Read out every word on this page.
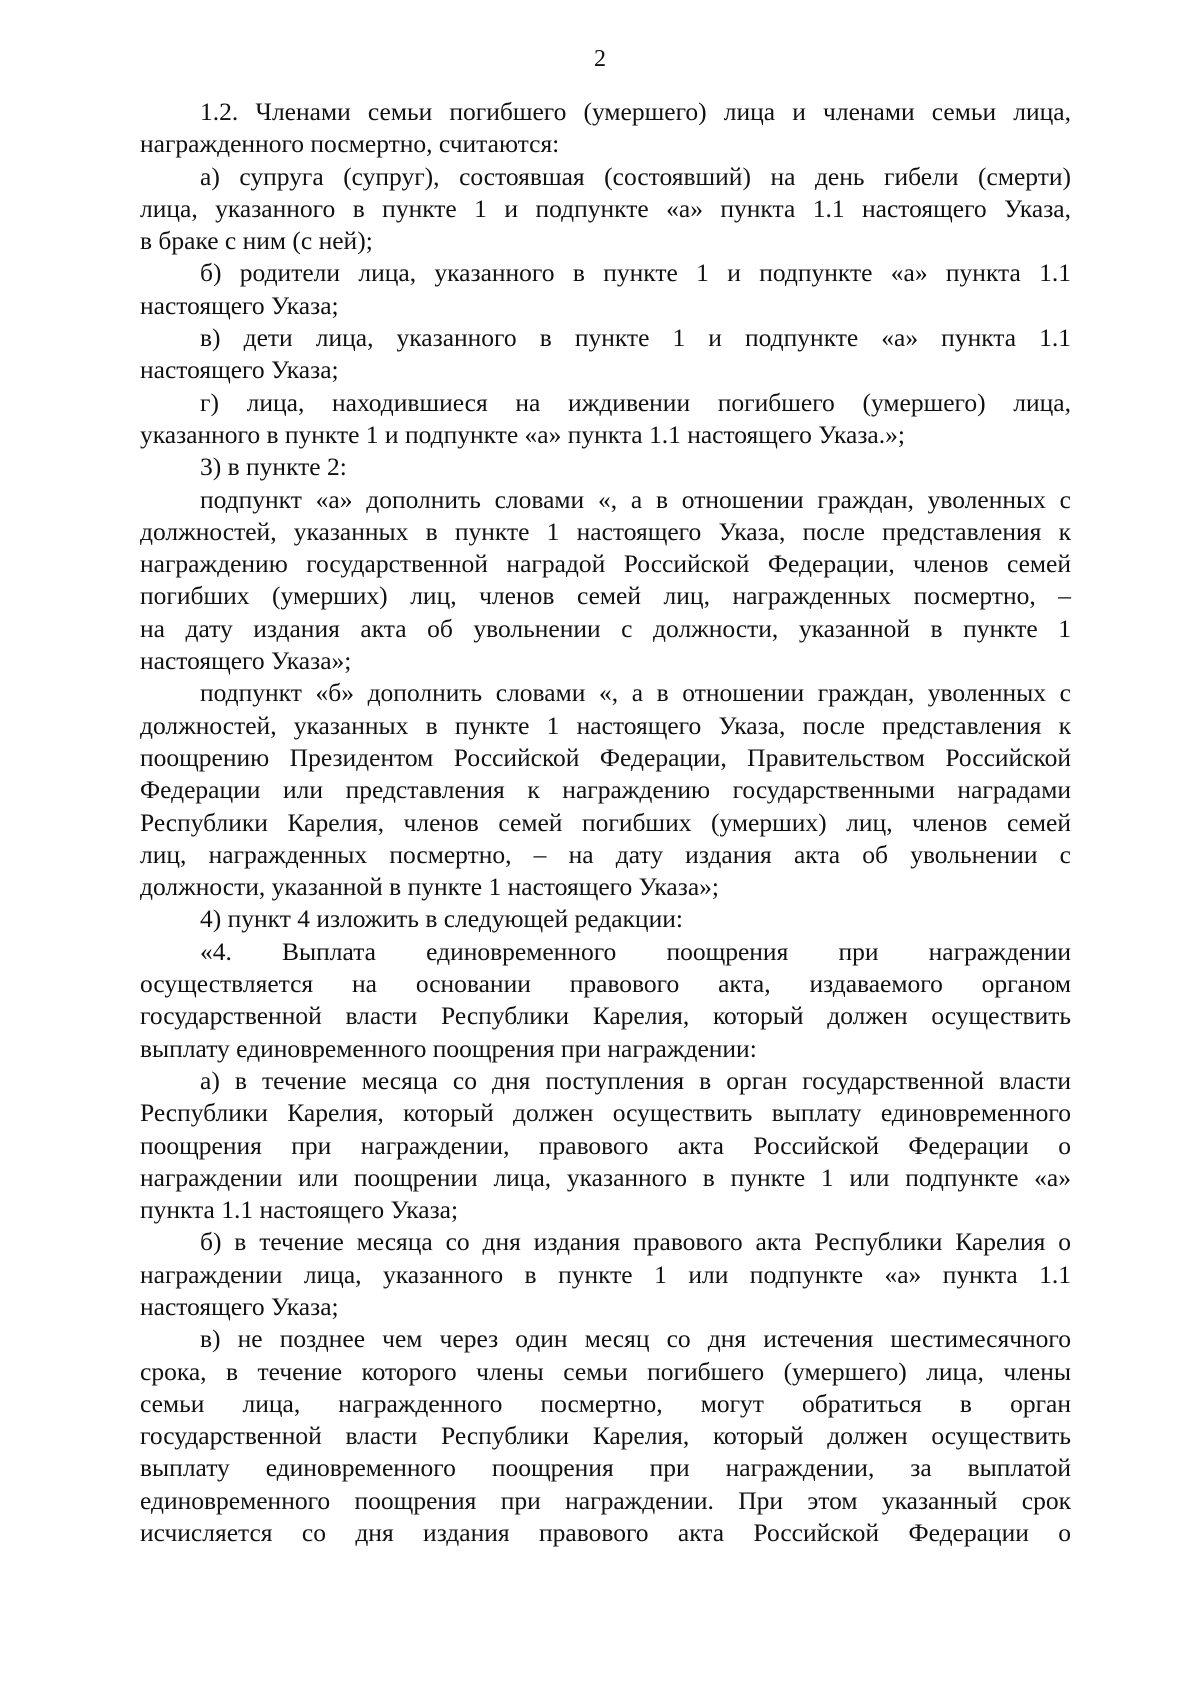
2
1.2. Членами семьи погибшего (умершего) лица и членами семьи лица,
награжденного посмертно, считаются:
а) супруга (супруг), состоявшая (состоявший) на день гибели (смерти)
лица, указанного в пункте 1 и подпункте «а» пункта 1.1 настоящего Указа,
в браке с ним (с ней);
б) родители лица, указанного в пункте 1 и подпункте «а» пункта 1.1
настоящего Указа;
в) дети лица, указанного в пункте 1 и подпункте «а» пункта 1.1
настоящего Указа;
г) лица, находившиеся на иждивении погибшего (умершего) лица,
указанного в пункте 1 и подпункте «а» пункта 1.1 настоящего Указа.»;
3) в пункте 2:
подпункт «а» дополнить словами «, а в отношении граждан, уволенных с
должностей, указанных в пункте 1 настоящего Указа, после представления к
награждению государственной наградой Российской Федерации, членов семей
погибших (умерших) лиц, членов семей лиц, награжденных посмертно, –
на дату издания акта об увольнении с должности, указанной в пункте 1
настоящего Указа»;
подпункт «б» дополнить словами «, а в отношении граждан, уволенных с
должностей, указанных в пункте 1 настоящего Указа, после представления к
поощрению Президентом Российской Федерации, Правительством Российской
Федерации или представления к награждению государственными наградами
Республики Карелия, членов семей погибших (умерших) лиц, членов семей
лиц, награжденных посмертно, – на дату издания акта об увольнении с
должности, указанной в пункте 1 настоящего Указа»;
4) пункт 4 изложить в следующей редакции:
«4. Выплата единовременного поощрения при награждении
осуществляется на основании правового акта, издаваемого органом
государственной власти Республики Карелия, который должен осуществить
выплату единовременного поощрения при награждении:
а) в течение месяца со дня поступления в орган государственной власти
Республики Карелия, который должен осуществить выплату единовременного
поощрения при награждении, правового акта Российской Федерации о
награждении или поощрении лица, указанного в пункте 1 или подпункте «а»
пункта 1.1 настоящего Указа;
б) в течение месяца со дня издания правового акта Республики Карелия о
награждении лица, указанного в пункте 1 или подпункте «а» пункта 1.1
настоящего Указа;
в) не позднее чем через один месяц со дня истечения шестимесячного
срока, в течение которого члены семьи погибшего (умершего) лица, члены
семьи лица, награжденного посмертно, могут обратиться в орган
государственной власти Республики Карелия, который должен осуществить
выплату единовременного поощрения при награждении, за выплатой
единовременного поощрения при награждении. При этом указанный срок
исчисляется со дня издания правового акта Российской Федерации о
